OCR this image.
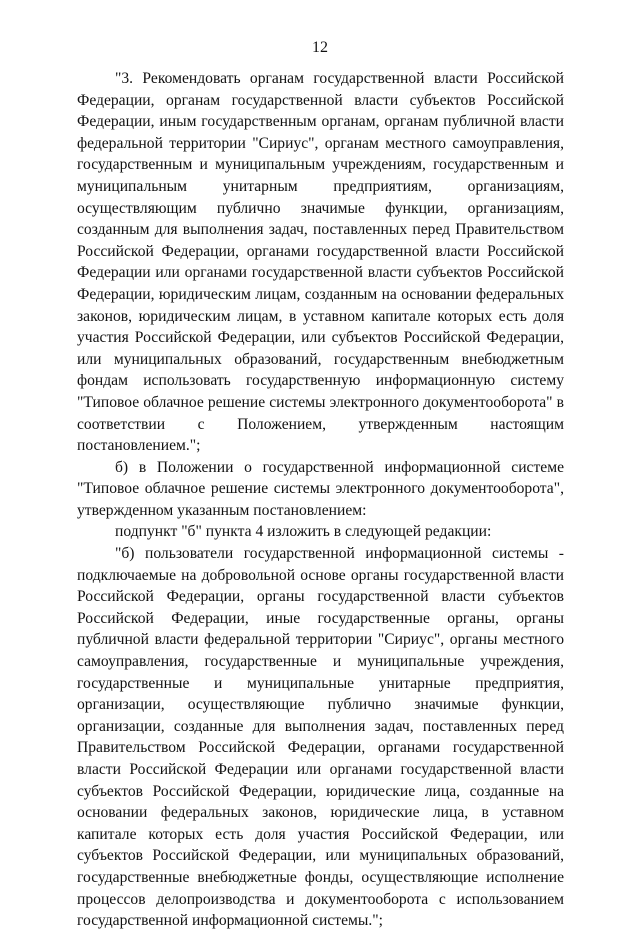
12

"3. Рекомендовать органам государственной власти Российской Федерации, органам государственной власти субъектов Российской Федерации, иным государственным органам, органам публичной власти федеральной территории "Сириус", органам местного самоуправления, государственным и муниципальным учреждениям, государственным и муниципальным унитарным предприятиям, организациям, осуществляющим публично значимые функции, организациям, созданным для выполнения задач, поставленных перед Правительством Российской Федерации, органами государственной власти Российской Федерации или органами государственной власти субъектов Российской Федерации, юридическим лицам, созданным на основании федеральных законов, юридическим лицам, в уставном капитале которых есть доля участия Российской Федерации, или субъектов Российской Федерации, или муниципальных образований, государственным внебюджетным фондам использовать государственную информационную систему "Типовое облачное решение системы электронного документооборота" в соответствии с Положением, утвержденным настоящим постановлением.";

б) в Положении о государственной информационной системе "Типовое облачное решение системы электронного документооборота", утвержденном указанным постановлением:

подпункт "б" пункта 4 изложить в следующей редакции:

"б) пользователи государственной информационной системы - подключаемые на добровольной основе органы государственной власти Российской Федерации, органы государственной власти субъектов Российской Федерации, иные государственные органы, органы публичной власти федеральной территории "Сириус", органы местного самоуправления, государственные и муниципальные учреждения, государственные и муниципальные унитарные предприятия, организации, осуществляющие публично значимые функции, организации, созданные для выполнения задач, поставленных перед Правительством Российской Федерации, органами государственной власти Российской Федерации или органами государственной власти субъектов Российской Федерации, юридические лица, созданные на основании федеральных законов, юридические лица, в уставном капитале которых есть доля участия Российской Федерации, или субъектов Российской Федерации, или муниципальных образований, государственные внебюджетные фонды, осуществляющие исполнение процессов делопроизводства и документооборота с использованием государственной информационной системы.";
